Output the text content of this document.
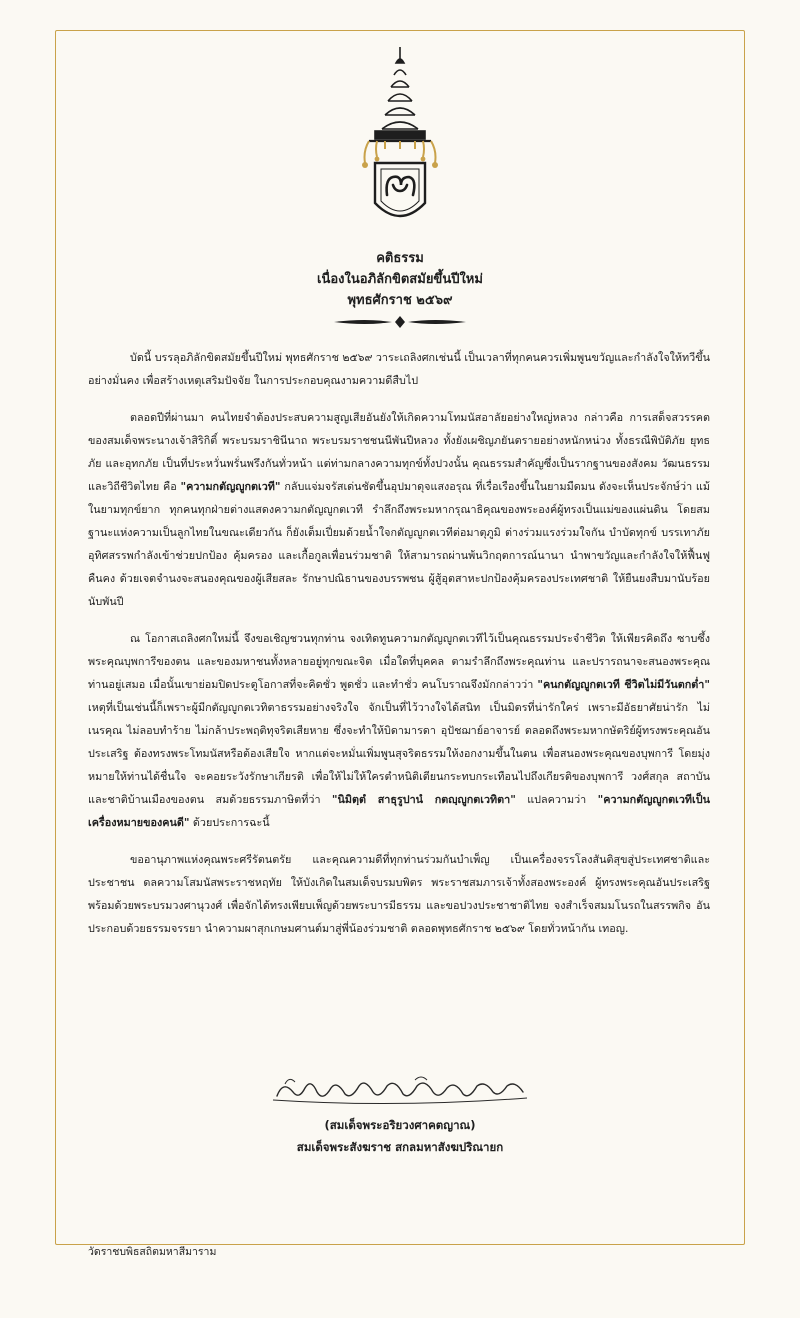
คติธรรม
เนื่องในอภิลักขิตสมัยขึ้นปีใหม่
พุทธศักราช ๒๕๖๙

บัดนี้ บรรลุอภิลักขิตสมัยขึ้นปีใหม่ พุทธศักราช ๒๕๖๙ วาระเถลิงศกเช่นนี้ เป็นเวลาที่ทุกคนควรเพิ่มพูนขวัญและกำลังใจให้ทวีขึ้นอย่างมั่นคง เพื่อสร้างเหตุเสริมปัจจัย ในการประกอบคุณงามความดีสืบไป

ตลอดปีที่ผ่านมา คนไทยจำต้องประสบความสูญเสียอันยังให้เกิดความโทมนัสอาลัยอย่างใหญ่หลวง กล่าวคือ การเสด็จสวรรคตของสมเด็จพระนางเจ้าสิริกิติ์ พระบรมราชินีนาถ พระบรมราชชนนีพันปีหลวง ทั้งยังเผชิญภยันตรายอย่างหนักหน่วง ทั้งธรณีพิบัติภัย ยุทธภัย และอุทกภัย เป็นที่ประหวั่นพรั่นพรึงกันทั่วหน้า แต่ท่ามกลางความทุกข์ทั้งปวงนั้น คุณธรรมสำคัญซึ่งเป็นรากฐานของสังคม วัฒนธรรม และวิถีชีวิตไทย คือ "ความกตัญญูกตเวที" กลับแจ่มจรัสเด่นชัดขึ้นอุปมาดุจแสงอรุณ ที่เรื่อเรืองขึ้นในยามมืดมน ดังจะเห็นประจักษ์ว่า แม้ในยามทุกข์ยาก ทุกคนทุกฝ่ายต่างแสดงความกตัญญูกตเวที รำลึกถึงพระมหากรุณาธิคุณของพระองค์ผู้ทรงเป็นแม่ของแผ่นดิน โดยสมฐานะแห่งความเป็นลูกไทยในขณะเดียวกัน ก็ยังเต็มเปี่ยมด้วยน้ำใจกตัญญูกตเวทีต่อมาตุภูมิ ต่างร่วมแรงร่วมใจกัน บำบัดทุกข์ บรรเทาภัย อุทิศสรรพกำลังเข้าช่วยปกป้อง คุ้มครอง และเกื้อกูลเพื่อนร่วมชาติ ให้สามารถผ่านพ้นวิกฤตการณ์นานา นำพาขวัญและกำลังใจให้ฟื้นฟูคืนคง ด้วยเจตจำนงจะสนองคุณของผู้เสียสละ รักษาปณิธานของบรรพชน ผู้สู้อุตสาหะปกป้องคุ้มครองประเทศชาติ ให้ยืนยงสืบมานับร้อยนับพันปี

ณ โอกาสเถลิงศกใหม่นี้ จึงขอเชิญชวนทุกท่าน จงเทิดทูนความกตัญญูกตเวทีไว้เป็นคุณธรรมประจำชีวิต ให้เพียรคิดถึง ซาบซึ้งพระคุณบุพการีของตน และของมหาชนทั้งหลายอยู่ทุกขณะจิต เมื่อใดที่บุคคล ตามรำลึกถึงพระคุณท่าน และปรารถนาจะสนองพระคุณท่านอยู่เสมอ เมื่อนั้นเขาย่อมปิดประตูโอกาสที่จะคิดชั่ว พูดชั่ว และทำชั่ว คนโบราณจึงมักกล่าวว่า "คนกตัญญูกตเวที ชีวิตไม่มีวันตกต่ำ" เหตุที่เป็นเช่นนี้ก็เพราะผู้มีกตัญญูกตเวทิตาธรรมอย่างจริงใจ จักเป็นที่ไว้วางใจได้สนิท เป็นมิตรที่น่ารักใคร่ เพราะมีอัธยาศัยน่ารัก ไม่เนรคุณ ไม่ลอบทำร้าย ไม่กล้าประพฤติทุจริตเสียหาย ซึ่งจะทำให้บิดามารดา อุปัชฌาย์อาจารย์ ตลอดถึงพระมหากษัตริย์ผู้ทรงพระคุณอันประเสริฐ ต้องทรงพระโทมนัสหรือต้องเสียใจ หากแต่จะหมั่นเพิ่มพูนสุจริตธรรมให้งอกงามขึ้นในตน เพื่อสนองพระคุณของบุพการี โดยมุ่งหมายให้ท่านได้ชื่นใจ จะคอยระวังรักษาเกียรติ เพื่อให้ไม่ให้ใครตำหนิติเตียนกระทบกระเทือนไปถึงเกียรติของบุพการี วงศ์สกุล สถาบัน และชาติบ้านเมืองของตน สมด้วยธรรมภาษิตที่ว่า "นิมิตฺตํ สาธุรูปานํ กตญฺญูกตเวทิตา" แปลความว่า "ความกตัญญูกตเวทีเป็นเครื่องหมายของคนดี" ด้วยประการฉะนี้

ขออานุภาพแห่งคุณพระศรีรัตนตรัย และคุณความดีที่ทุกท่านร่วมกันบำเพ็ญ เป็นเครื่องจรรโลงสันติสุขสู่ประเทศชาติและประชาชน ดลความโสมนัสพระราชหฤทัย ให้บังเกิดในสมเด็จบรมบพิตร พระราชสมภารเจ้าทั้งสองพระองค์ ผู้ทรงพระคุณอันประเสริฐ พร้อมด้วยพระบรมวงศานุวงศ์ เพื่อจักได้ทรงเพียบเพ็ญด้วยพระบารมีธรรม และขอปวงประชาชาติไทย จงสำเร็จสมมโนรถในสรรพกิจ อันประกอบด้วยธรรมจรรยา นำความผาสุกเกษมศานต์มาสู่พี่น้องร่วมชาติ ตลอดพุทธศักราช ๒๕๖๙ โดยทั่วหน้ากัน เทอญ.

(สมเด็จพระอริยวงศาคตญาณ)
สมเด็จพระสังฆราช สกลมหาสังฆปริณายก
วัดราชบพิธสถิตมหาสีมาราม
